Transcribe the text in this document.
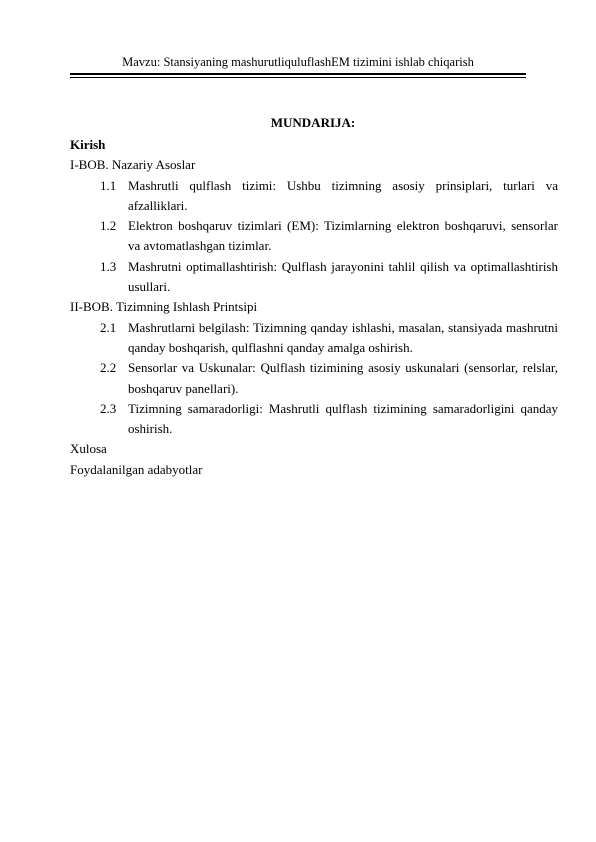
Mavzu: Stansiyaning mashurutliquluflashEM tizimini ishlab chiqarish
MUNDARIJA:

Kirish

I-BOB. Nazariy Asoslar

1.1 Mashrutli qulflash tizimi: Ushbu tizimning asosiy prinsiplari, turlari va afzalliklari.
1.2 Elektron boshqaruv tizimlari (EM): Tizimlarning elektron boshqaruvi, sensorlar va avtomatlashgan tizimlar.
1.3 Mashrutni optimallashtirish: Qulflash jarayonini tahlil qilish va optimallashtirish usullari.

II-BOB. Tizimning Ishlash Printsipi

2.1 Mashrutlarni belgilash: Tizimning qanday ishlashi, masalan, stansiyada mashrutni qanday boshqarish, qulflashni qanday amalga oshirish.
2.2 Sensorlar va Uskunalar: Qulflash tizimining asosiy uskunalari (sensorlar, relslar, boshqaruv panellari).
2.3 Tizimning samaradorligi: Mashrutli qulflash tizimining samaradorligini qanday oshirish.

Xulosa

Foydalanilgan adabyotlar
